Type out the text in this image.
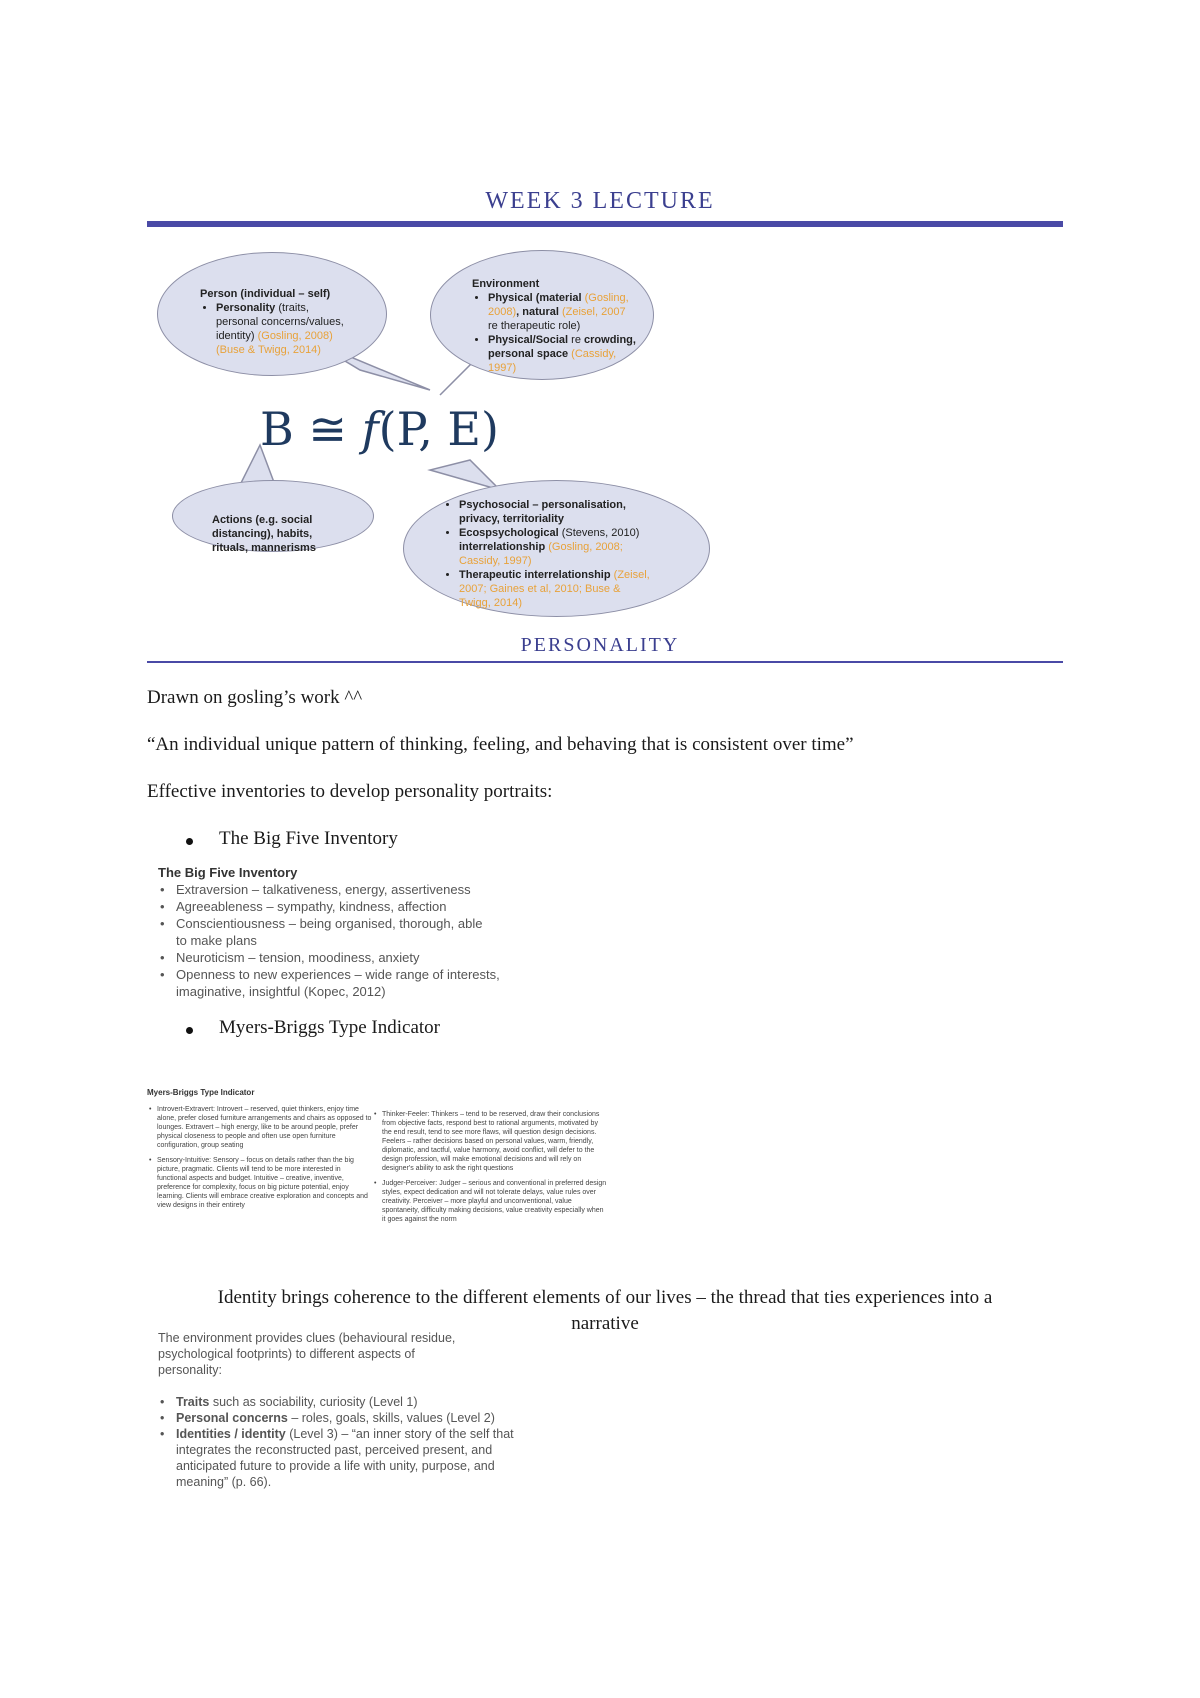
WEEK 3 LECTURE
Person (individual – self)
• Personality (traits, personal concerns/values, identity) (Gosling, 2008) (Buse & Twigg, 2014)
Environment
• Physical (material (Gosling, 2008), natural (Zeisel, 2007 re therapeutic role)
• Physical/Social re crowding, personal space (Cassidy, 1997)
B ≅ 𝑓(P, E)
Actions (e.g. social distancing), habits, rituals, mannerisms
• Psychosocial – personalisation, privacy, territoriality
• Ecospsychological (Stevens, 2010) interrelationship (Gosling, 2008; Cassidy, 1997)
• Therapeutic interrelationship (Zeisel, 2007; Gaines et al, 2010; Buse & Twigg, 2014)
PERSONALITY
Drawn on gosling’s work ^^
“An individual unique pattern of thinking, feeling, and behaving that is consistent over time”
Effective inventories to develop personality portraits:
The Big Five Inventory
The Big Five Inventory
• Extraversion – talkativeness, energy, assertiveness
• Agreeableness – sympathy, kindness, affection
• Conscientiousness – being organised, thorough, able to make plans
• Neuroticism – tension, moodiness, anxiety
• Openness to new experiences – wide range of interests, imaginative, insightful (Kopec, 2012)
Myers-Briggs Type Indicator
Myers-Briggs Type Indicator
• Introvert-Extravert: Introvert – reserved, quiet thinkers, enjoy time alone, prefer closed furniture arrangements and chairs as opposed to lounges. Extravert – high energy, like to be around people, prefer physical closeness to people and often use open furniture configuration, group seating
• Sensory-Intuitive: Sensory – focus on details rather than the big picture, pragmatic. Clients will tend to be more interested in functional aspects and budget. Intuitive – creative, inventive, preference for complexity, focus on big picture potential, enjoy learning. Clients will embrace creative exploration and concepts and view designs in their entirety
• Thinker-Feeler: Thinkers – tend to be reserved, draw their conclusions from objective facts, respond best to rational arguments, motivated by the end result, tend to see more flaws, will question design decisions. Feelers – rather decisions based on personal values, warm, friendly, diplomatic, and tactful, value harmony, avoid conflict, will defer to the design profession, will make emotional decisions and will rely on designer's ability to ask the right questions
• Judger-Perceiver: Judger – serious and conventional in preferred design styles, expect dedication and will not tolerate delays, value rules over creativity. Perceiver – more playful and unconventional, value spontaneity, difficulty making decisions, value creativity especially when it goes against the norm
Identity brings coherence to the different elements of our lives – the thread that ties experiences into a
narrative
The environment provides clues (behavioural residue, psychological footprints) to different aspects of personality:
• Traits such as sociability, curiosity (Level 1)
• Personal concerns – roles, goals, skills, values (Level 2)
• Identities / identity (Level 3) – “an inner story of the self that integrates the reconstructed past, perceived present, and anticipated future to provide a life with unity, purpose, and meaning” (p. 66).
